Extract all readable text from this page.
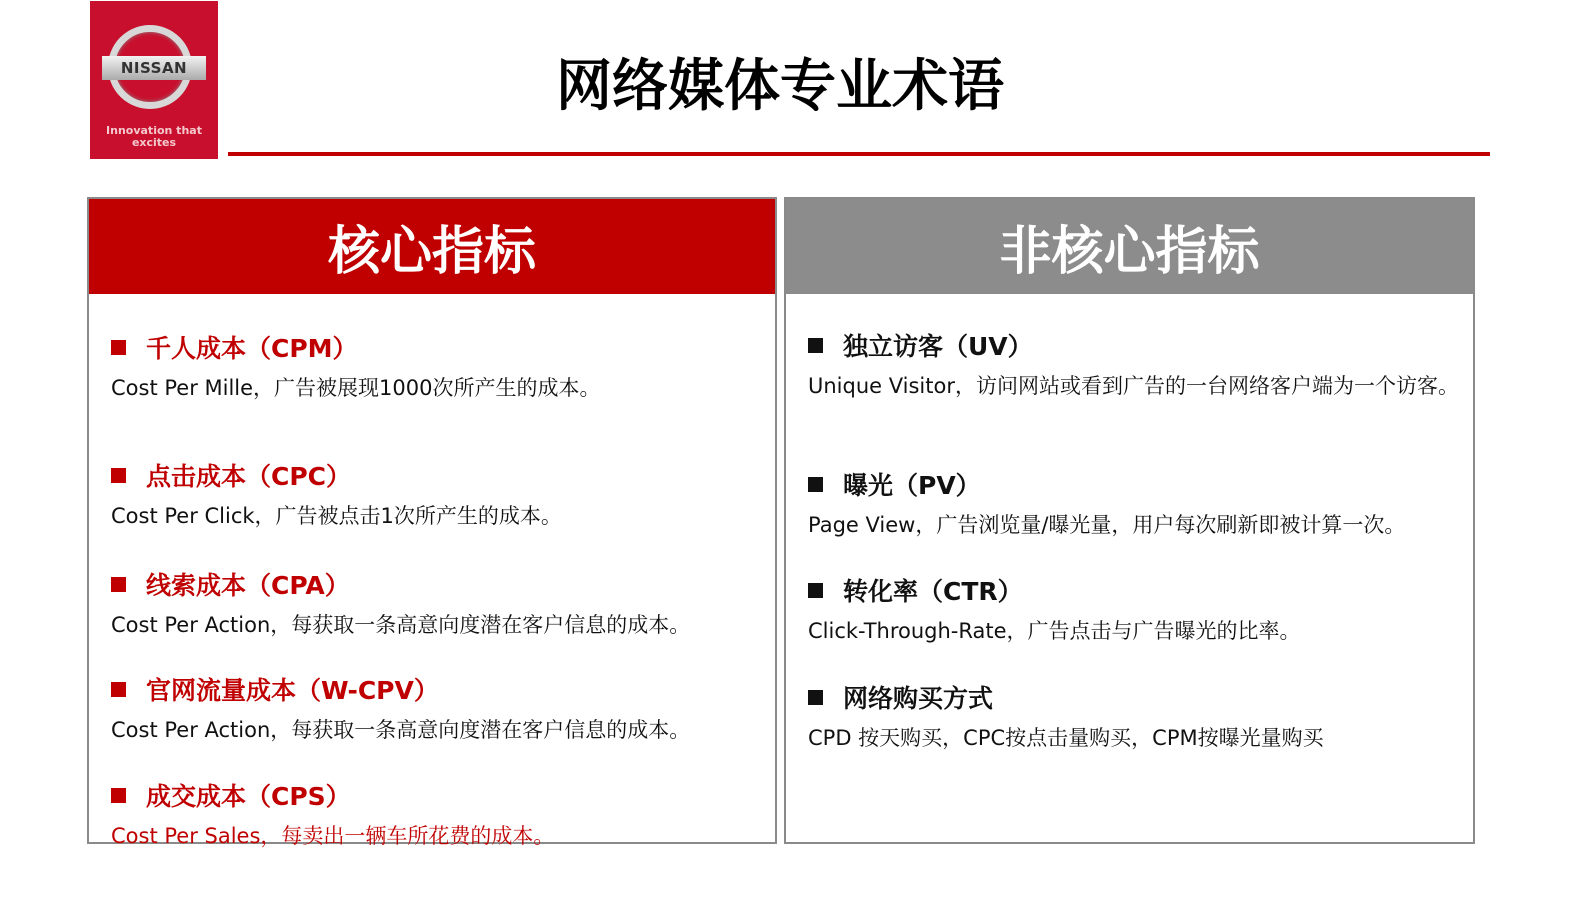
NISSAN
Innovation that excites
网络媒体专业术语
核心指标
千人成本（CPM）
Cost Per Mille，广告被展现1000次所产生的成本。
点击成本（CPC）
Cost Per Click，广告被点击1次所产生的成本。
线索成本（CPA）
Cost Per Action，每获取一条高意向度潜在客户信息的成本。
官网流量成本（W-CPV）
Cost Per Action，每获取一条高意向度潜在客户信息的成本。
成交成本（CPS）
Cost Per Sales，每卖出一辆车所花费的成本。
非核心指标
独立访客（UV）
Unique Visitor，访问网站或看到广告的一台网络客户端为一个访客。
曝光（PV）
Page View，广告浏览量/曝光量，用户每次刷新即被计算一次。
转化率（CTR）
Click-Through-Rate，广告点击与广告曝光的比率。
网络购买方式
CPD 按天购买，CPC按点击量购买，CPM按曝光量购买
